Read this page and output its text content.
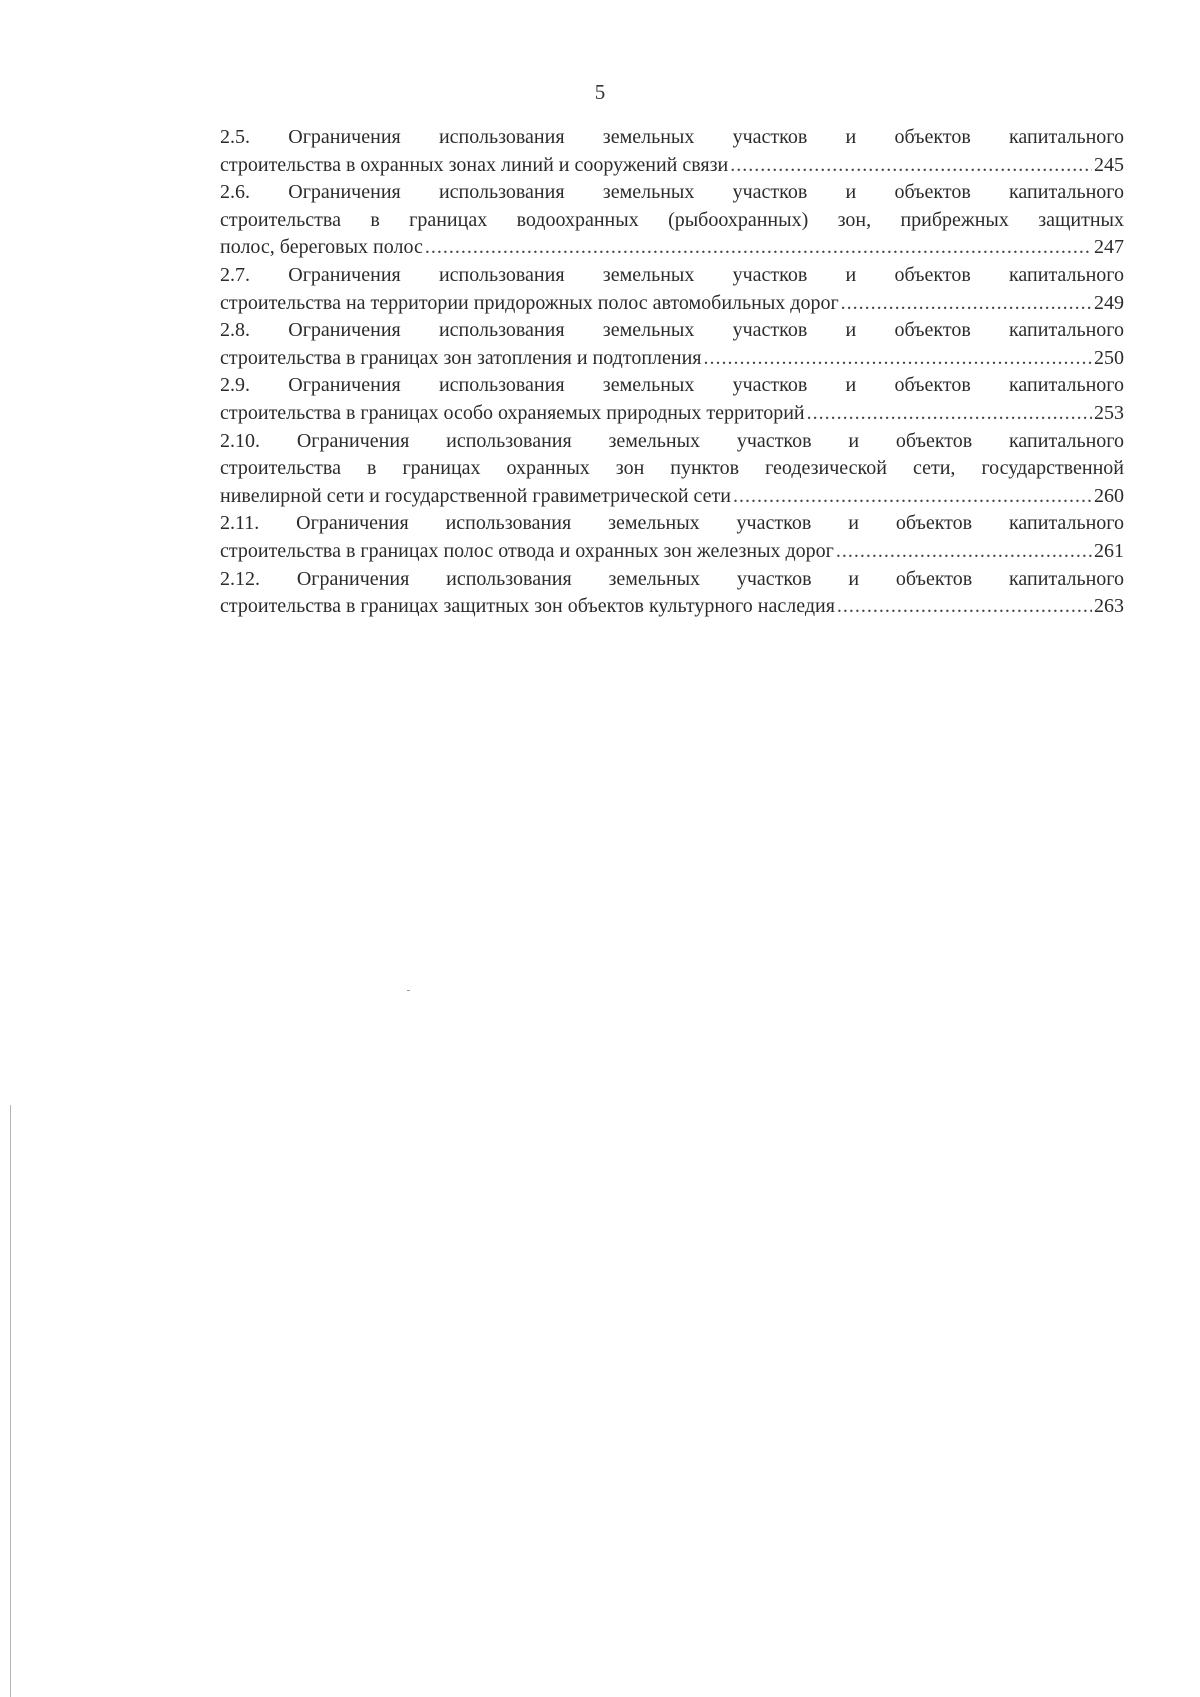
5
2.5. Ограничения использования земельных участков и объектов капитального
строительства в охранных зонах линий и сооружений связи .....	245
2.6. Ограничения использования земельных участков и объектов капитального
строительства в границах водоохранных (рыбоохранных) зон, прибрежных защитных
полос, береговых полос .....	247
2.7. Ограничения использования земельных участков и объектов капитального
строительства на территории придорожных полос автомобильных дорог .....	249
2.8. Ограничения использования земельных участков и объектов капитального
строительства в границах зон затопления и подтопления .....	250
2.9. Ограничения использования земельных участков и объектов капитального
строительства в границах особо охраняемых природных территорий .....	253
2.10. Ограничения использования земельных участков и объектов капитального
строительства в границах охранных зон пунктов геодезической сети, государственной
нивелирной сети и государственной гравиметрической сети .....	260
2.11. Ограничения использования земельных участков и объектов капитального
строительства в границах полос отвода и охранных зон железных дорог .....	261
2.12. Ограничения использования земельных участков и объектов капитального
строительства в границах защитных зон объектов культурного наследия .....	263
